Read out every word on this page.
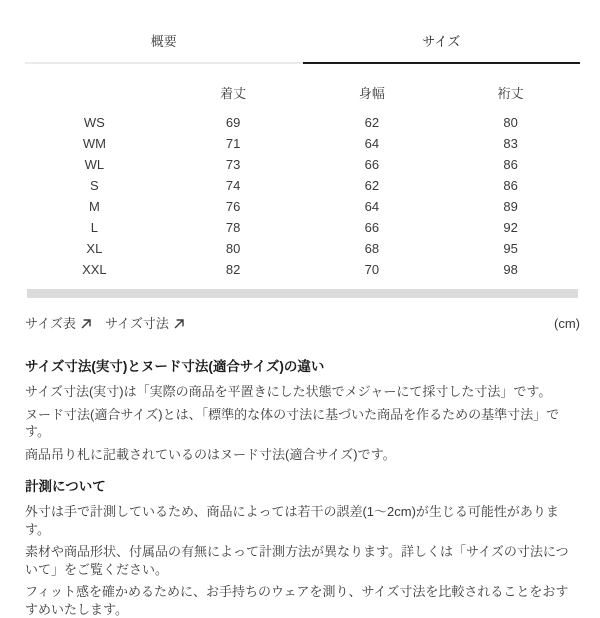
概要	サイズ
	着丈	身幅	裄丈
WS	69	62	80
WM	71	64	83
WL	73	66	86
S	74	62	86
M	76	64	89
L	78	66	92
XL	80	68	95
XXL	82	70	98
サイズ表 サイズ寸法	(cm)
サイズ寸法(実寸)とヌード寸法(適合サイズ)の違い

サイズ寸法(実寸)は「実際の商品を平置きにした状態でメジャーにて採寸した寸法」です。

ヌード寸法(適合サイズ)とは、「標準的な体の寸法に基づいた商品を作るための基準寸法」です。

商品吊り札に記載されているのはヌード寸法(適合サイズ)です。

計測について

外寸は手で計測しているため、商品によっては若干の誤差(1〜2cm)が生じる可能性があります。

素材や商品形状、付属品の有無によって計測方法が異なります。詳しくは「サイズの寸法について」をご覧ください。

フィット感を確かめるために、お手持ちのウェアを測り、サイズ寸法を比較されることをおすすめいたします。
